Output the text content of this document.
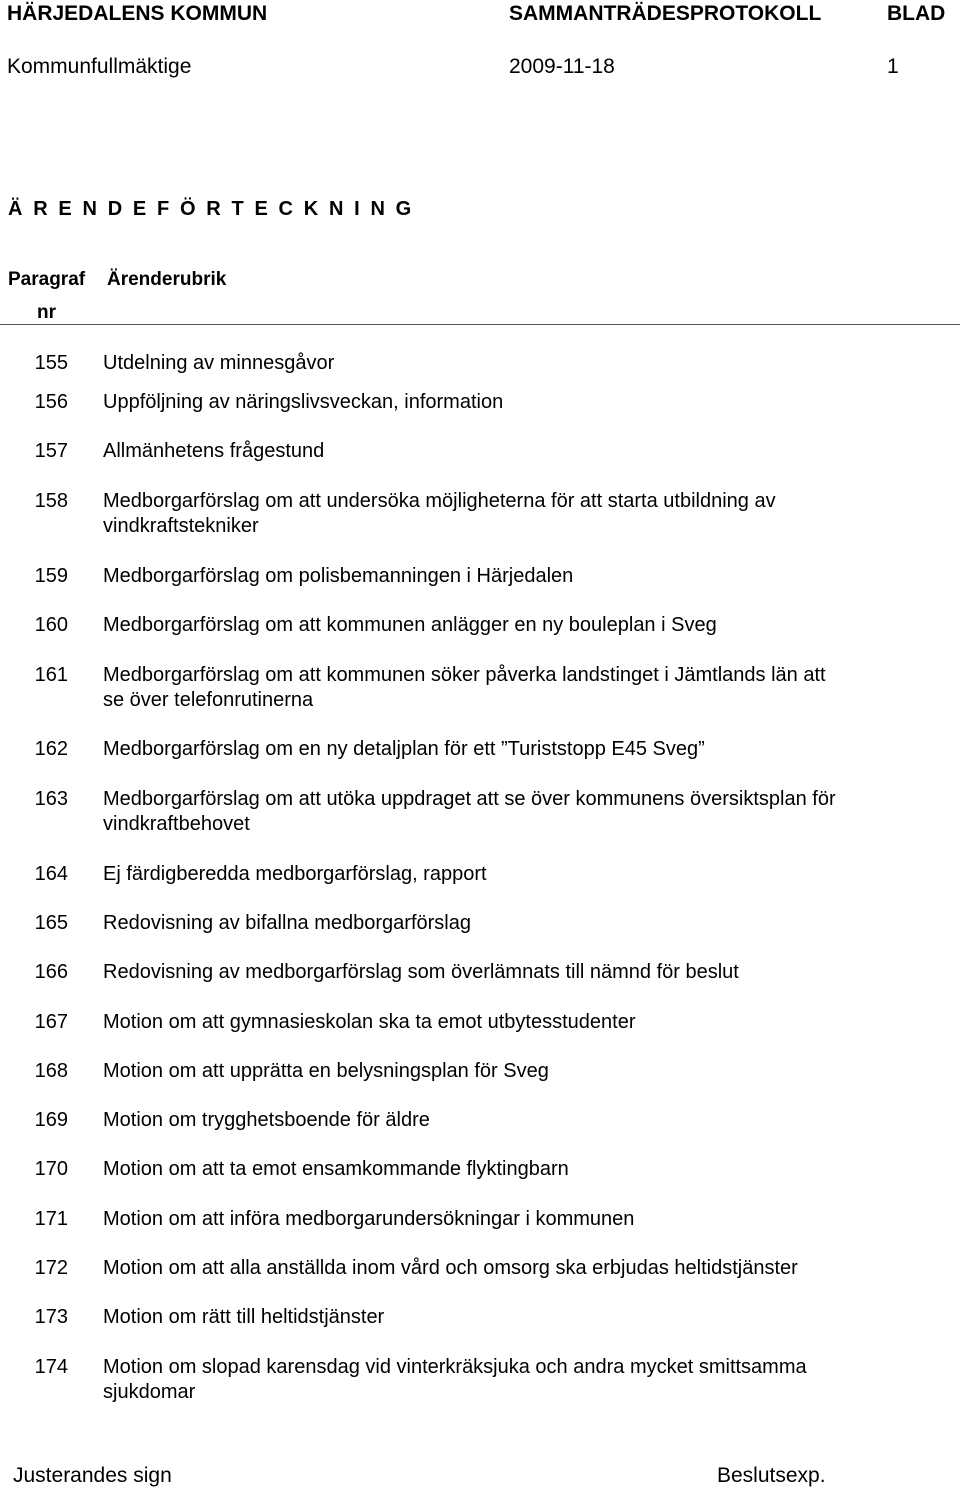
HÄRJEDALENS KOMMUN	SAMMANTRÄDESPROTOKOLL	BLAD
Kommunfullmäktige	2009-11-18	1
Ä R E N D E F Ö R T E C K N I N G
Paragraf
nr
Ärenderubrik
155 Utdelning av minnesgåvor
156 Uppföljning av näringslivsveckan, information
157 Allmänhetens frågestund
158 Medborgarförslag om att undersöka möjligheterna för att starta utbildning av
vindkraftstekniker
159 Medborgarförslag om polisbemanningen i Härjedalen
160 Medborgarförslag om att kommunen anlägger en ny bouleplan i Sveg
161 Medborgarförslag om att kommunen söker påverka landstinget i Jämtlands län att
se över telefonrutinerna
162 Medborgarförslag om en ny detaljplan för ett ”Turiststopp E45 Sveg”
163 Medborgarförslag om att utöka uppdraget att se över kommunens översiktsplan för
vindkraftbehovet
164 Ej färdigberedda medborgarförslag, rapport
165 Redovisning av bifallna medborgarförslag
166 Redovisning av medborgarförslag som överlämnats till nämnd för beslut
167 Motion om att gymnasieskolan ska ta emot utbytesstudenter
168 Motion om att upprätta en belysningsplan för Sveg
169 Motion om trygghetsboende för äldre
170 Motion om att ta emot ensamkommande flyktingbarn
171 Motion om att införa medborgarundersökningar i kommunen
172 Motion om att alla anställda inom vård och omsorg ska erbjudas heltidstjänster
173 Motion om rätt till heltidstjänster
174 Motion om slopad karensdag vid vinterkräksjuka och andra mycket smittsamma
sjukdomar
Justerandes sign	Beslutsexp.
